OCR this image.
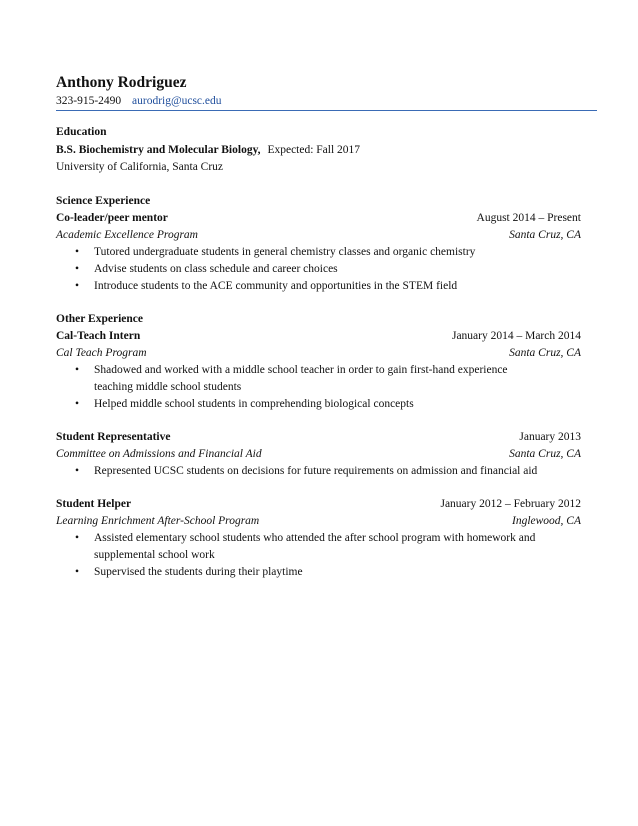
Anthony Rodriguez
323-915-2490 aurodrig@ucsc.edu
Education
B.S. Biochemistry and Molecular Biology, Expected: Fall 2017
University of California, Santa Cruz
Science Experience
Co-leader/peer mentor	August 2014 – Present
Academic Excellence Program	Santa Cruz, CA
• Tutored undergraduate students in general chemistry classes and organic chemistry
• Advise students on class schedule and career choices
• Introduce students to the ACE community and opportunities in the STEM field
Other Experience
Cal-Teach Intern	January 2014 – March 2014
Cal Teach Program	Santa Cruz, CA
• Shadowed and worked with a middle school teacher in order to gain first-hand experience
teaching middle school students
• Helped middle school students in comprehending biological concepts
Student Representative	January 2013
Committee on Admissions and Financial Aid	Santa Cruz, CA
• Represented UCSC students on decisions for future requirements on admission and financial aid
Student Helper	January 2012 – February 2012
Learning Enrichment After-School Program	Inglewood, CA
• Assisted elementary school students who attended the after school program with homework and
supplemental school work
• Supervised the students during their playtime
